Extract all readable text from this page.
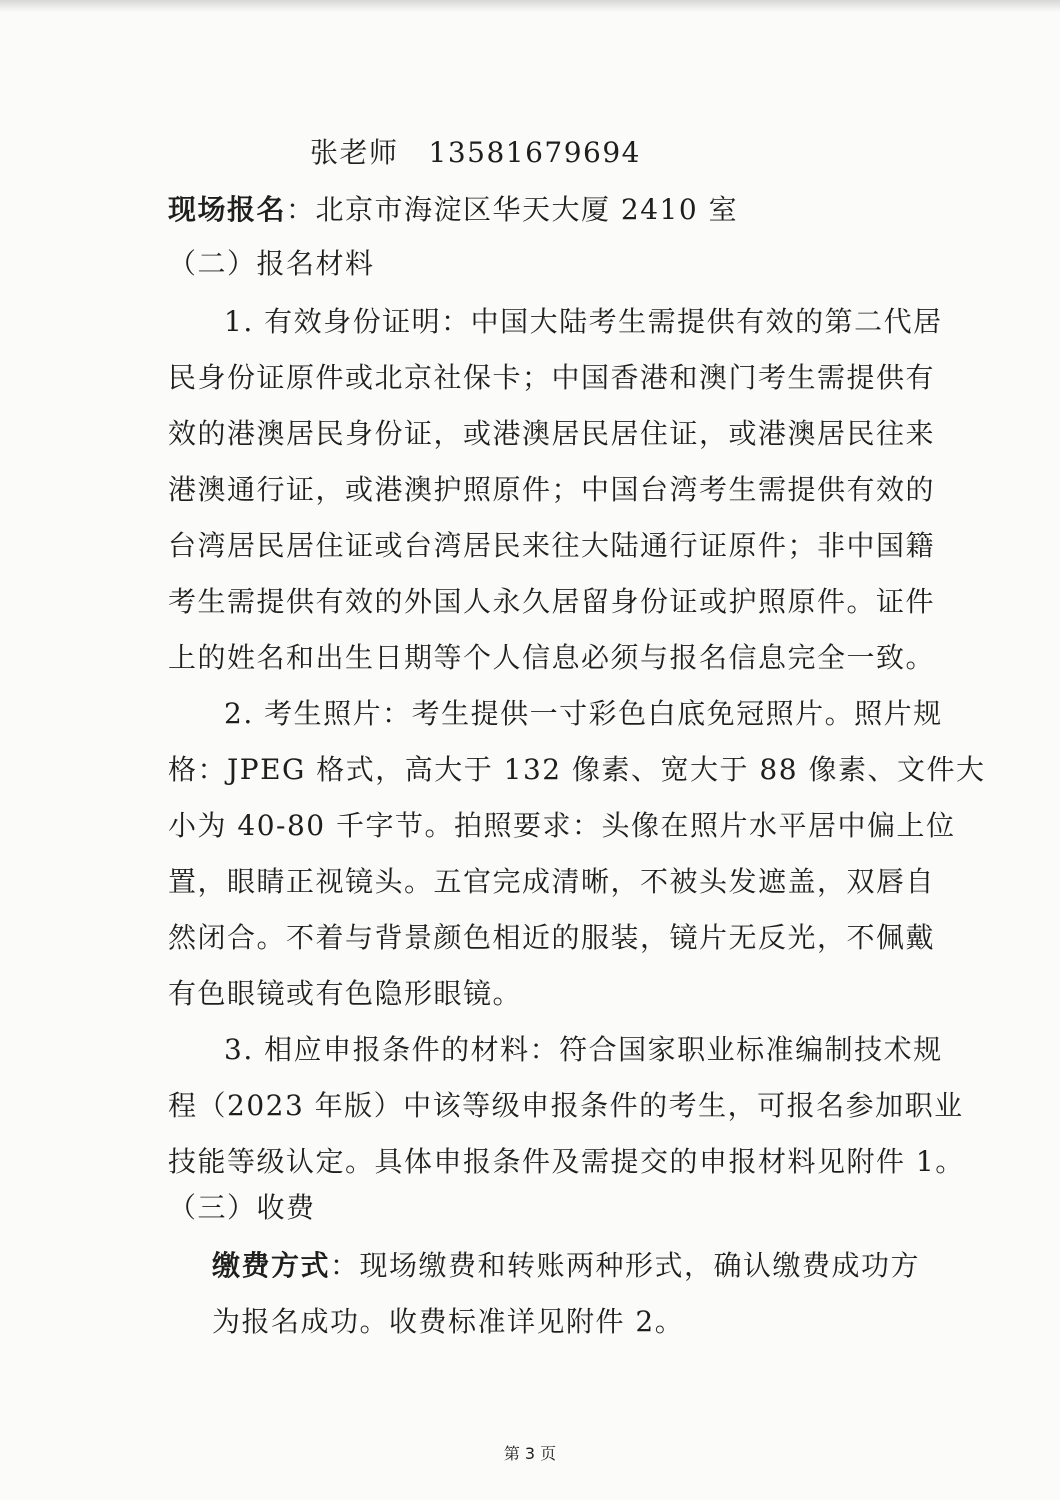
张老师 13581679694

现场报名：北京市海淀区华天大厦 2410 室

（二）报名材料

1. 有效身份证明：中国大陆考生需提供有效的第二代居

民身份证原件或北京社保卡；中国香港和澳门考生需提供有

效的港澳居民身份证，或港澳居民居住证，或港澳居民往来

港澳通行证，或港澳护照原件；中国台湾考生需提供有效的

台湾居民居住证或台湾居民来往大陆通行证原件；非中国籍

考生需提供有效的外国人永久居留身份证或护照原件。证件

上的姓名和出生日期等个人信息必须与报名信息完全一致。

2. 考生照片：考生提供一寸彩色白底免冠照片。照片规

格：JPEG 格式，高大于 132 像素、宽大于 88 像素、文件大

小为 40-80 千字节。拍照要求：头像在照片水平居中偏上位

置，眼睛正视镜头。五官完成清晰，不被头发遮盖，双唇自

然闭合。不着与背景颜色相近的服装，镜片无反光，不佩戴

有色眼镜或有色隐形眼镜。

3. 相应申报条件的材料：符合国家职业标准编制技术规

程（2023 年版）中该等级申报条件的考生，可报名参加职业

技能等级认定。具体申报条件及需提交的申报材料见附件 1。

（三）收费

缴费方式：现场缴费和转账两种形式，确认缴费成功方

为报名成功。收费标准详见附件 2。

第 3 页
